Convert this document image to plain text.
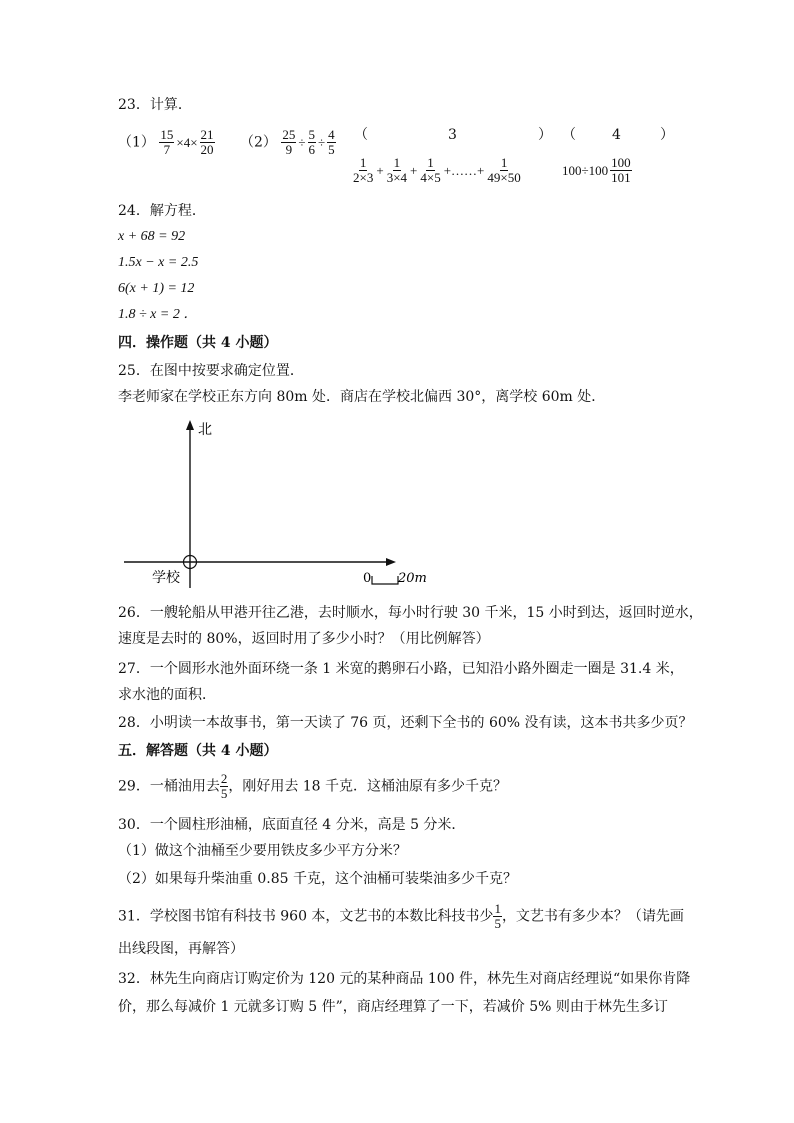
23．计算．
$(1) \frac{15}{7} \times 4\times \frac{21}{20} (2) \frac{25}{9} \div \frac{5}{6} \div \frac{4}{5}$ （	3	） （	4	）
$\frac{1}{2\times 3} + \frac{1}{3\times 4} + \frac{1}{4\times 5}$ +……+ $\frac{1}{49\times 50}$	$100\div 100 \frac{100}{101}$
24．解方程．
x + 68 = 92
1.5x − x = 2.5
6(x + 1) = 12
1.8 ÷ x = 2 ．
四．操作题（共 4 小题）
25．在图中按要求确定位置．
李老师家在学校正东方向 80m 处．商店在学校北偏西 30°，离学校 60m 处．
北
学校	0 20m
26．一艘轮船从甲港开往乙港，去时顺水，每小时行驶 30 千米，15 小时到达，返回时逆水，
速度是去时的 80%，返回时用了多少小时？（用比例解答）
27．一个圆形水池外面环绕一条 1 米宽的鹅卵石小路，已知沿小路外圈走一圈是 31.4 米，
求水池的面积．
28．小明读一本故事书，第一天读了 76 页，还剩下全书的 60% 没有读，这本书共多少页？
五．解答题（共 4 小题）
29．一桶油用去 $\frac{2}{5}$ ，刚好用去 18 千克．这桶油原有多少千克？
30．一个圆柱形油桶，底面直径 4 分米，高是 5 分米．
（1）做这个油桶至少要用铁皮多少平方分米？
（2）如果每升柴油重 0.85 千克，这个油桶可装柴油多少千克？
31．学校图书馆有科技书 960 本，文艺书的本数比科技书少 $\frac{1}{5}$ ，文艺书有多少本？（请先画
出线段图，再解答）
32．林先生向商店订购定价为 120 元的某种商品 100 件，林先生对商店经理说“如果你肯降
价，那么每减价 1 元就多订购 5 件”，商店经理算了一下，若减价 5% 则由于林先生多订
